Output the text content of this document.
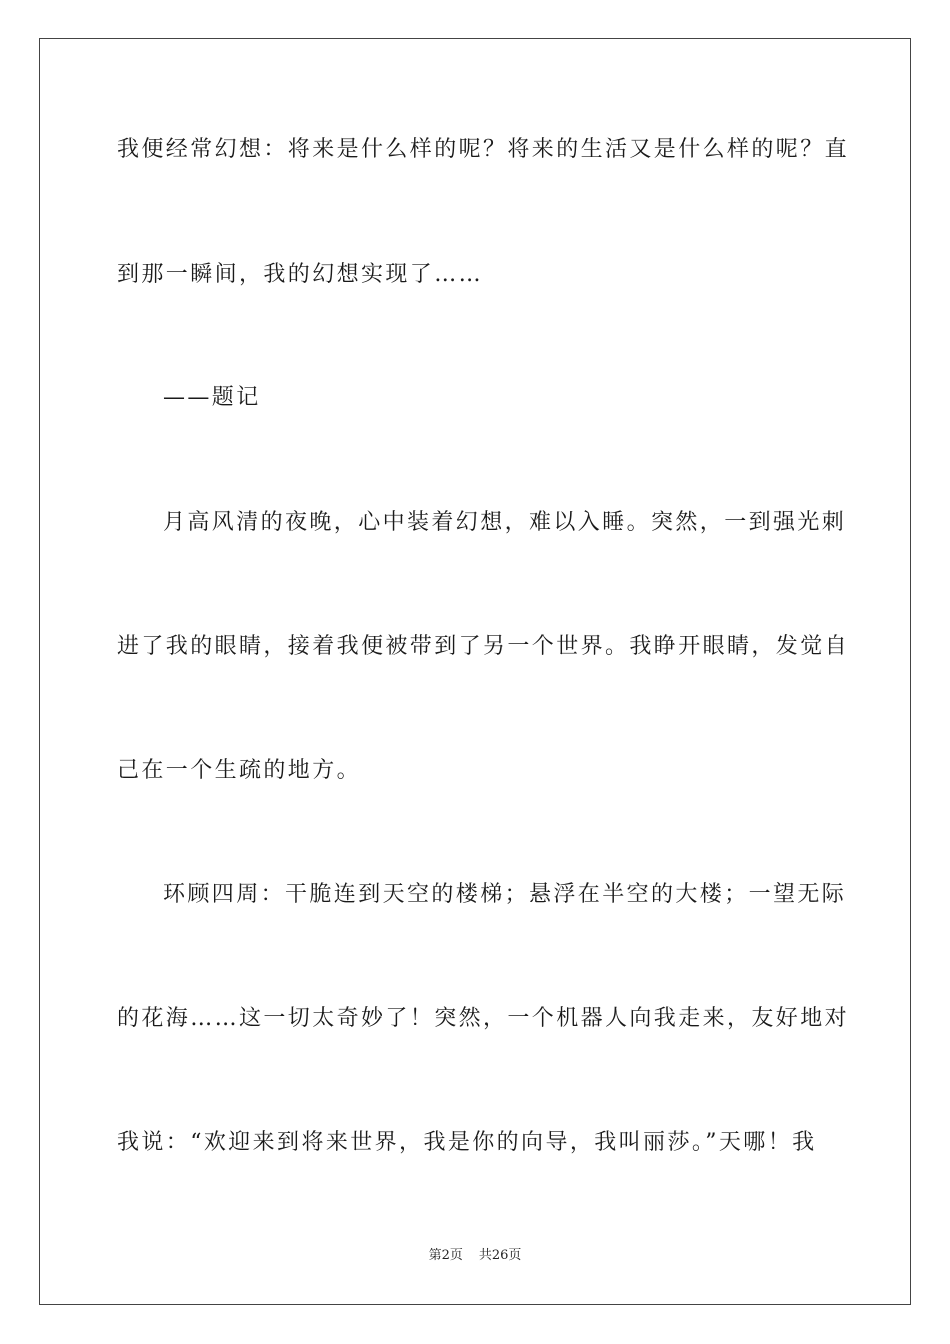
我便经常幻想：将来是什么样的呢？将来的生活又是什么样的呢？直
到那一瞬间，我的幻想实现了……
——题记
月高风清的夜晚，心中装着幻想，难以入睡。突然，一到强光刺
进了我的眼睛，接着我便被带到了另一个世界。我睁开眼睛，发觉自
己在一个生疏的地方。
环顾四周：干脆连到天空的楼梯；悬浮在半空的大楼；一望无际
的花海……这一切太奇妙了！突然，一个机器人向我走来，友好地对
我说：“欢迎来到将来世界，我是你的向导，我叫丽莎。”天哪！我
第2页 共26页
